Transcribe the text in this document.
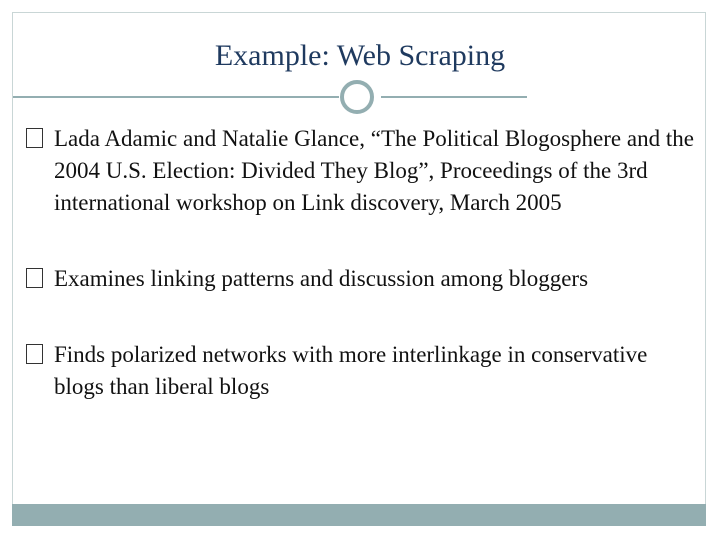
Example: Web Scraping
Lada Adamic and Natalie Glance, “The Political Blogosphere and the 2004 U.S. Election: Divided They Blog”, Proceedings of the 3rd international workshop on Link discovery, March 2005
Examines linking patterns and discussion among bloggers
Finds polarized networks with more interlinkage in conservative blogs than liberal blogs
